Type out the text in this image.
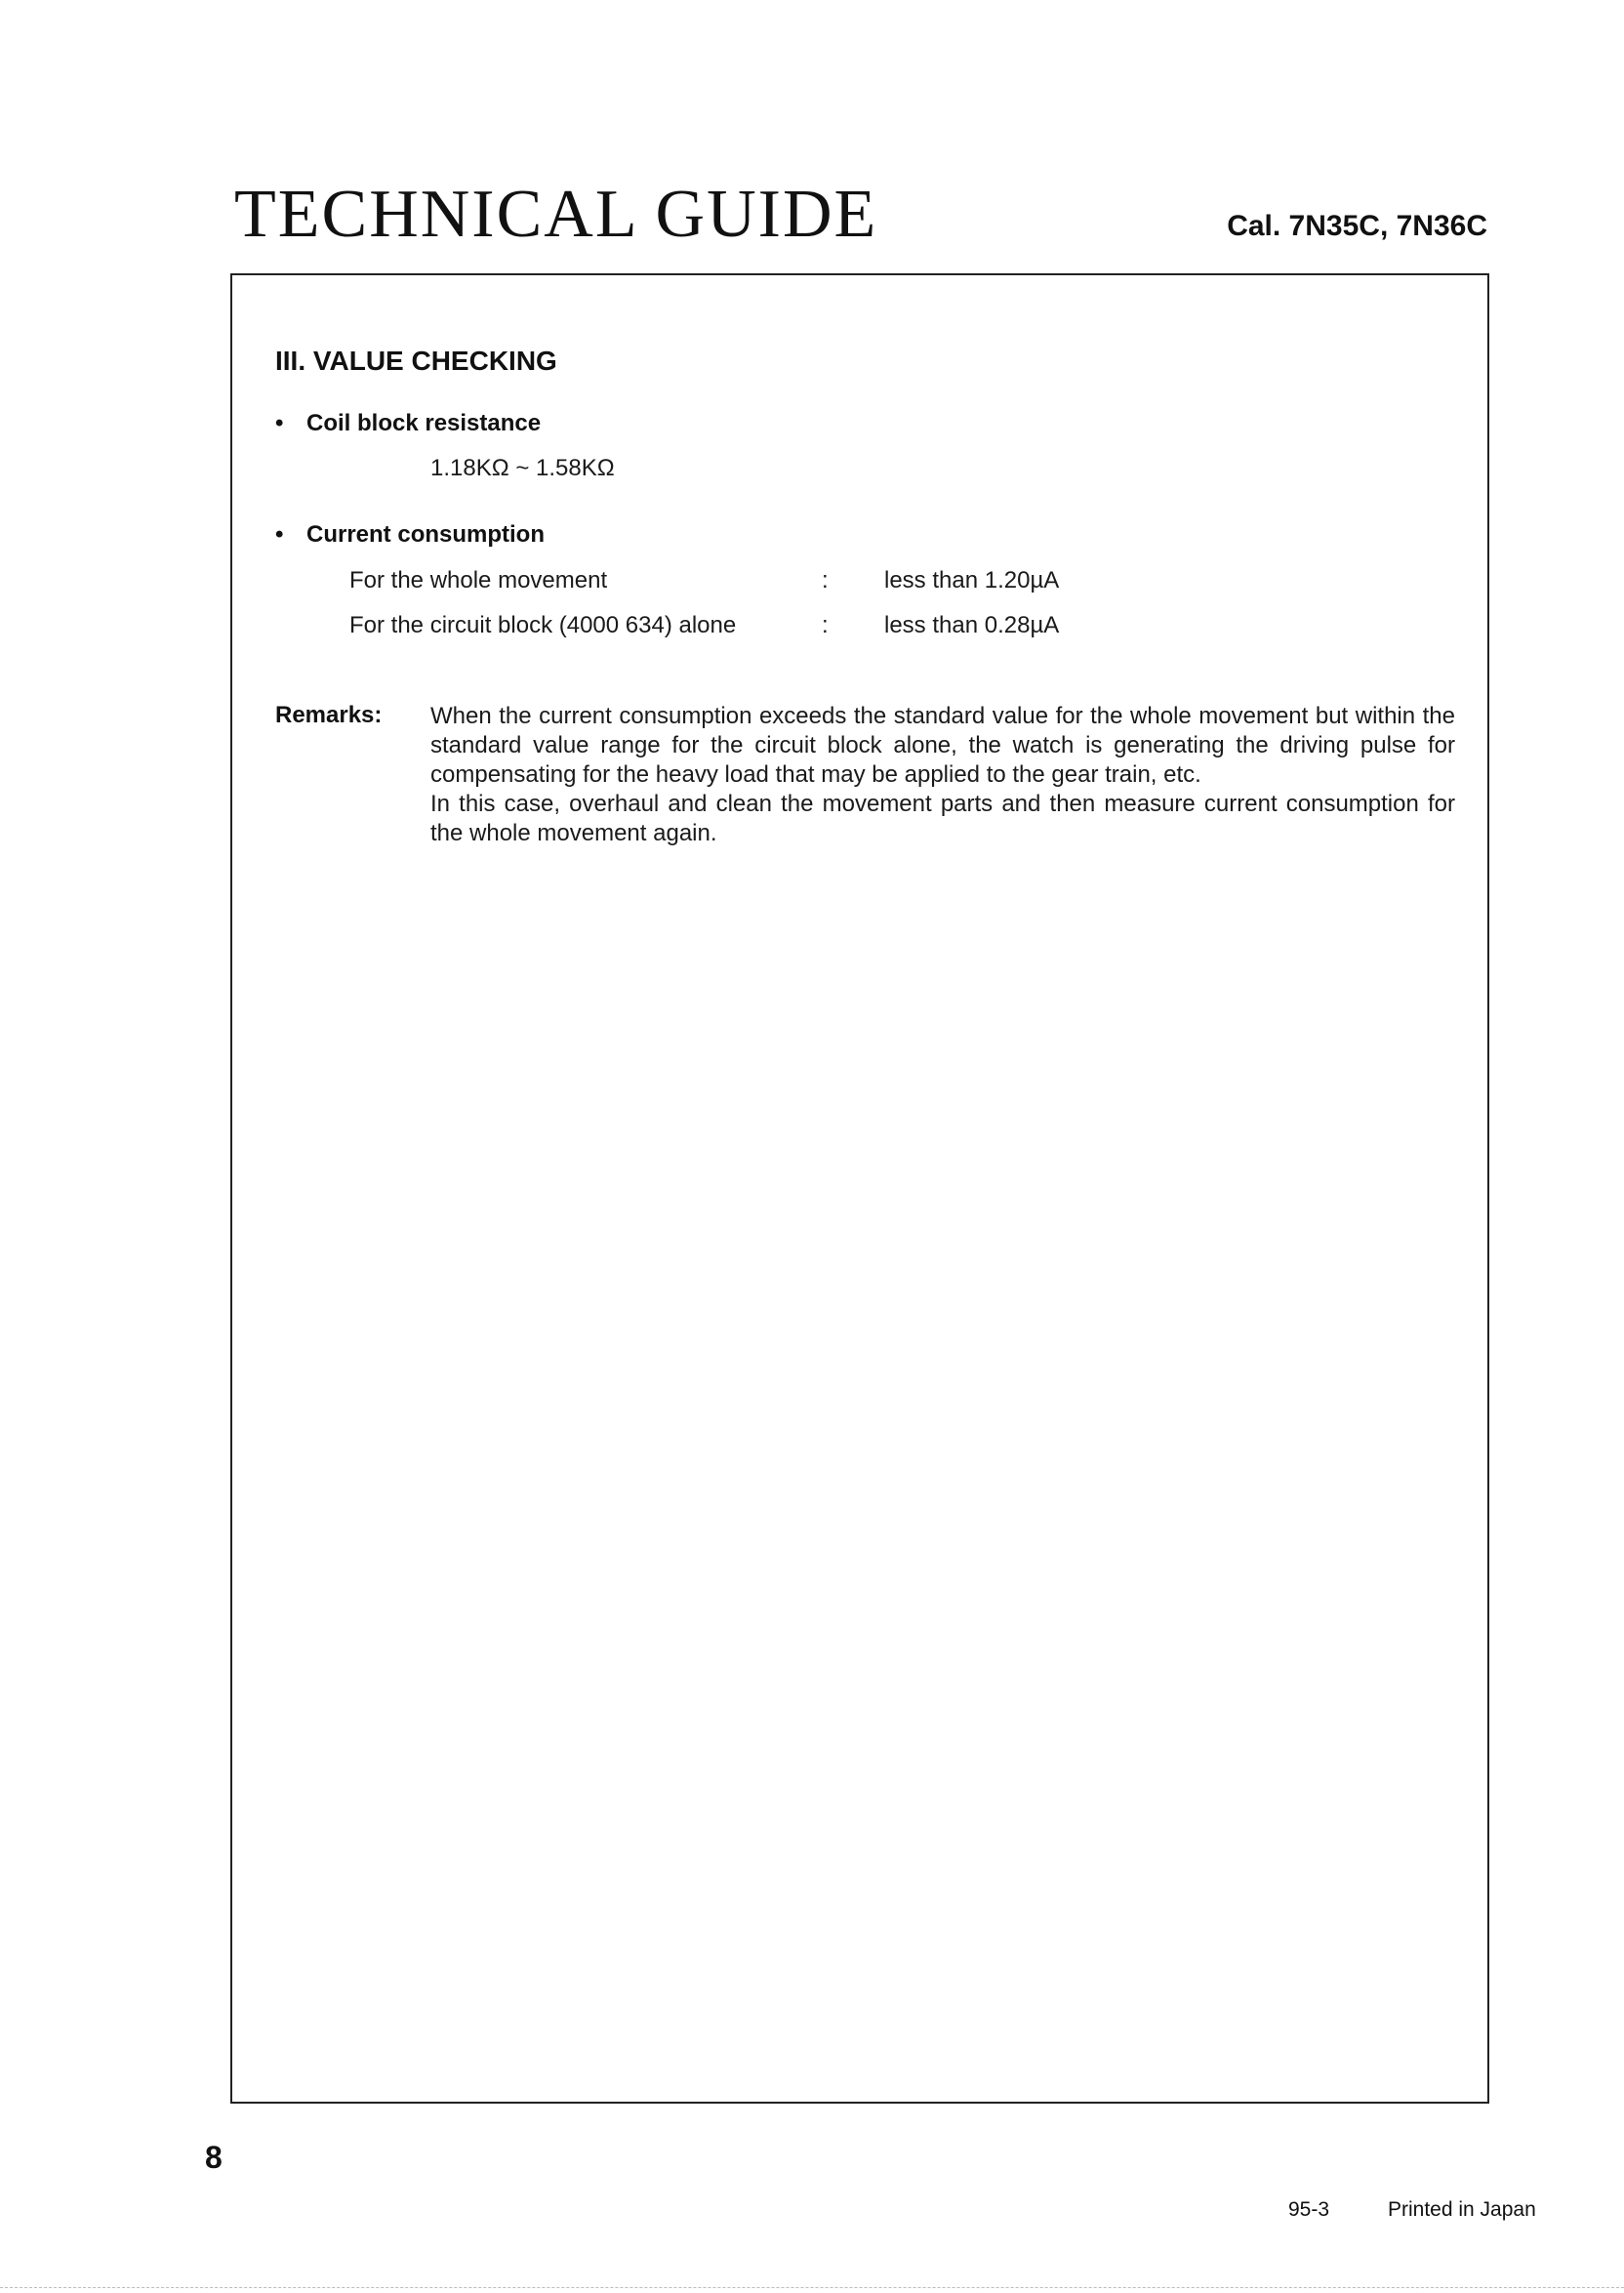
TECHNICAL GUIDE	Cal. 7N35C, 7N36C
III. VALUE CHECKING
• Coil block resistance
1.18KΩ ~ 1.58KΩ
• Current consumption
For the whole movement	: less than 1.20µA
For the circuit block (4000 634) alone	: less than 0.28µA
Remarks: When the current consumption exceeds the standard value for the whole movement but within the standard value range for the circuit block alone, the watch is generating the driving pulse for compensating for the heavy load that may be applied to the gear train, etc.

In this case, overhaul and clean the movement parts and then measure current consumption for the whole movement again.

8
95-3	Printed in Japan
